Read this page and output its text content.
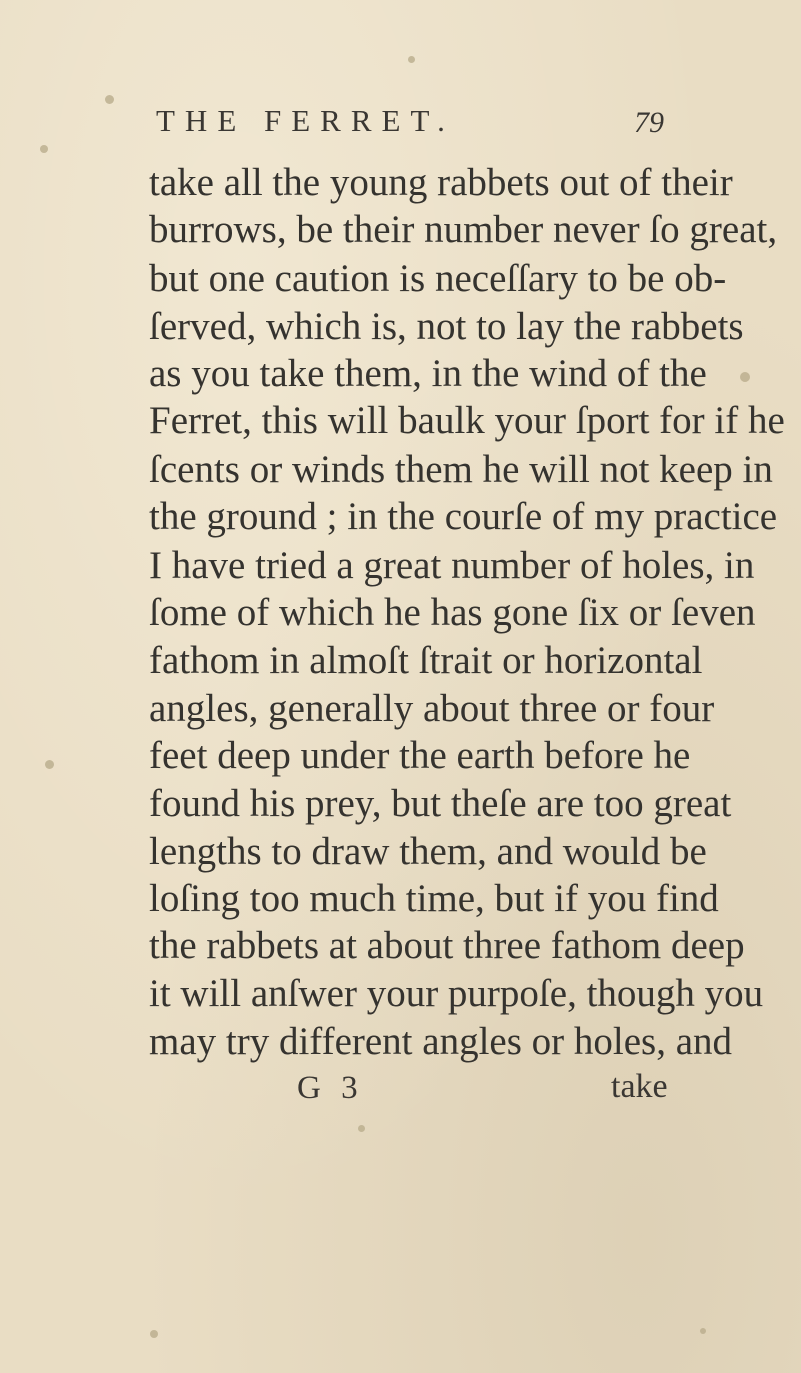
THE FERRET.	79
take all the young rabbets out of their
burrows, be their number never ſo great,
but one caution is neceſſary to be ob-
ſerved, which is, not to lay the rabbets
as you take them, in the wind of the
Ferret, this will baulk your ſport for if he
ſcents or winds them he will not keep in
the ground ; in the courſe of my practice
I have tried a great number of holes, in
ſome of which he has gone ſix or ſeven
fathom in almoſt ſtrait or horizontal
angles, generally about three or four
feet deep under the earth before he
found his prey, but theſe are too great
lengths to draw them, and would be
loſing too much time, but if you find
the rabbets at about three fathom deep
it will anſwer your purpoſe, though you
may try different angles or holes, and
G 3	take
